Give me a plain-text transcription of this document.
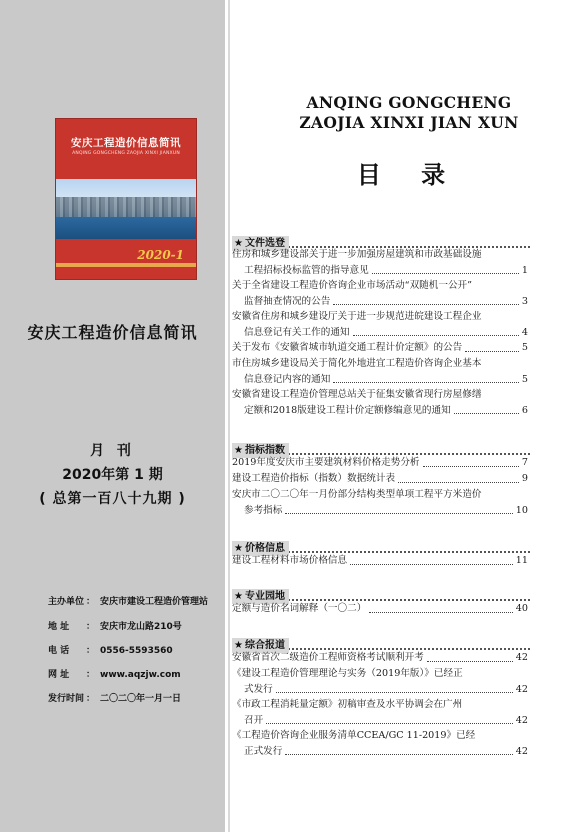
安庆工程造价信息简讯
ANQING GONGCHENG ZAOJIA XINXI JIANXUN
2020-1
安庆工程造价信息简讯
月 刊
2020年第 1 期
( 总第一百八十九期 )
主办单位 ： 安庆市建设工程造价管理站
地 址 ： 安庆市龙山路210号
电 话 ： 0556-5593560
网 址 ： www.aqzjw.com
发行时间 ： 二〇二〇年一月一日
ANQING GONGCHENG
ZAOJIA XINXI JIAN XUN
目 录
★ 文件选登
住房和城乡建设部关于进一步加强房屋建筑和市政基础设施
工程招标投标监管的指导意见	1
关于全省建设工程造价咨询企业市场活动“双随机一公开”
监督抽查情况的公告	3
安徽省住房和城乡建设厅关于进一步规范进皖建设工程企业
信息登记有关工作的通知	4
关于发布《安徽省城市轨道交通工程计价定额》的公告	5
市住房城乡建设局关于简化外地进宜工程造价咨询企业基本
信息登记内容的通知	5
安徽省建设工程造价管理总站关于征集安徽省现行房屋修缮
定额和2018版建设工程计价定额修编意见的通知	6
★ 指标指数
2019年度安庆市主要建筑材料价格走势分析	7
建设工程造价指标（指数）数据统计表	9
安庆市二〇二〇年一月份部分结构类型单项工程平方米造价
参考指标	10
★ 价格信息
建设工程材料市场价格信息	11
★ 专业园地
定额与造价名词解释（一〇二）	40
★ 综合报道
安徽省首次二级造价工程师资格考试顺利开考	42
《建设工程造价管理理论与实务（2019年版）》已经正
式发行	42
《市政工程消耗量定额》初稿审查及水平协调会在广州
召开	42
《工程造价咨询企业服务清单CCEA/GC 11-2019》已经
正式发行	42
